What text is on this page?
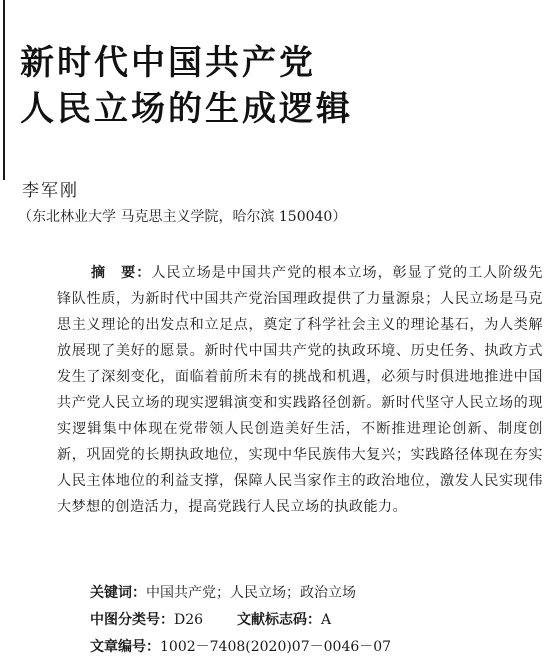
新时代中国共产党
人民立场的生成逻辑
李军刚
（东北林业大学 马克思主义学院，哈尔滨 150040）

摘　要：人民立场是中国共产党的根本立场，彰显了党的工人阶级先锋队性质，为新时代中国共产党治国理政提供了力量源泉；人民立场是马克思主义理论的出发点和立足点，奠定了科学社会主义的理论基石，为人类解放展现了美好的愿景。新时代中国共产党的执政环境、历史任务、执政方式发生了深刻变化，面临着前所未有的挑战和机遇，必须与时俱进地推进中国共产党人民立场的现实逻辑演变和实践路径创新。新时代坚守人民立场的现实逻辑集中体现在党带领人民创造美好生活，不断推进理论创新、制度创新，巩固党的长期执政地位，实现中华民族伟大复兴；实践路径体现在夯实人民主体地位的利益支撑，保障人民当家作主的政治地位，激发人民实现伟大梦想的创造活力，提高党践行人民立场的执政能力。

关键词：中国共产党；人民立场；政治立场
中图分类号：D26 文献标志码：A
文章编号：1002－7408(2020)07－0046－07
